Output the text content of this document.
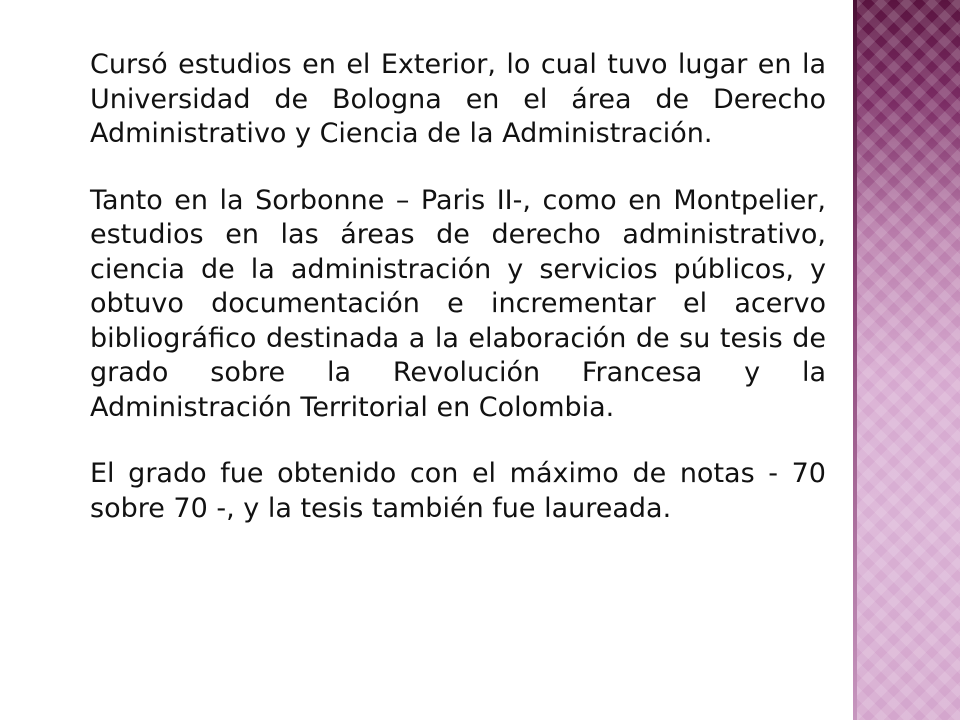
Cursó estudios en el Exterior, lo cual tuvo lugar en la Universidad de Bologna en el área de Derecho Administrativo y Ciencia de la Administración.

Tanto en la Sorbonne – Paris II-, como en Montpelier, estudios en las áreas de derecho administrativo, ciencia de la administración y servicios públicos, y obtuvo documentación e incrementar el acervo bibliográfico destinada a la elaboración de su tesis de grado sobre la Revolución Francesa y la Administración Territorial en Colombia.

El grado fue obtenido con el máximo de notas - 70 sobre 70 -, y la tesis también fue laureada.
